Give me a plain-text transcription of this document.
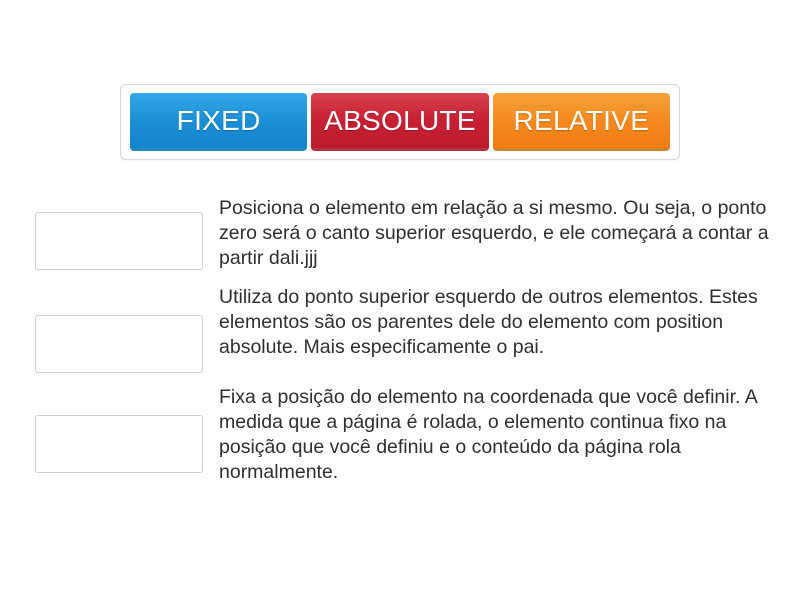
FIXED ABSOLUTE RELATIVE
Posiciona o elemento em relação a si mesmo. Ou seja, o ponto zero será o canto superior esquerdo, e ele começará a contar a partir dali.jjj
Utiliza do ponto superior esquerdo de outros elementos. Estes elementos são os parentes dele do elemento com position absolute. Mais especificamente o pai.
Fixa a posição do elemento na coordenada que você definir. A medida que a página é rolada, o elemento continua fixo na posição que você definiu e o conteúdo da página rola normalmente.
